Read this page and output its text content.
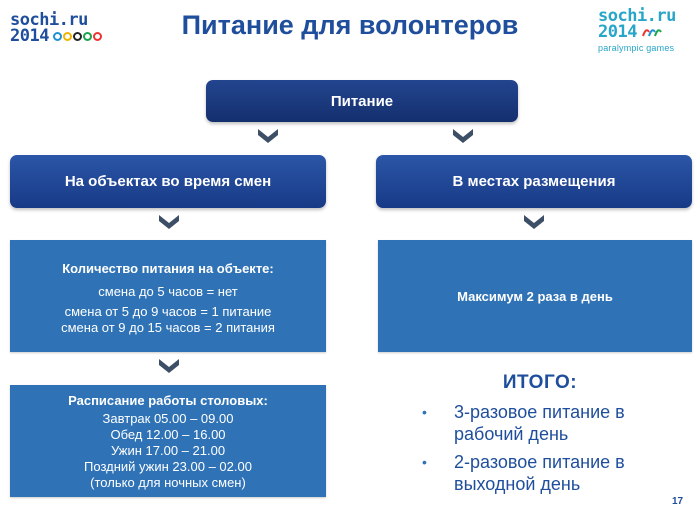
sochi.ru
2014	Питание для волонтеров	sochi.ru
2014
paralympic games
Питание
На объектах во время смен	В местах размещения
Количество питания на объекте:
смена до 5 часов = нет
смена от 5 до 9 часов = 1 питание
смена от 9 до 15 часов = 2 питания
Расписание работы столовых:
Завтрак 05.00 – 09.00
Обед 12.00 – 16.00
Ужин 17.00 – 21.00
Поздний ужин 23.00 – 02.00
(только для ночных смен)
Максимум 2 раза в день
ИТОГО:
•	3-разовое питание в рабочий день
•	2-разовое питание в выходной день
17
